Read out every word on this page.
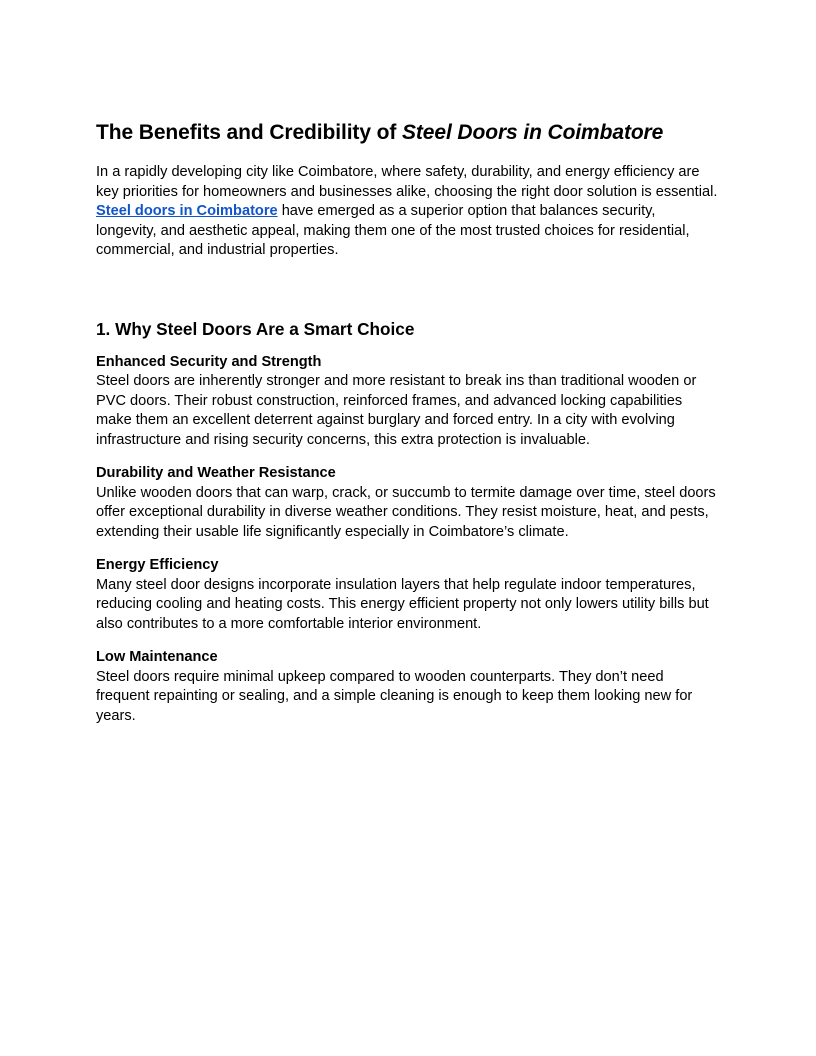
The Benefits and Credibility of Steel Doors in Coimbatore

In a rapidly developing city like Coimbatore, where safety, durability, and energy efficiency are key priorities for homeowners and businesses alike, choosing the right door solution is essential. Steel doors in Coimbatore have emerged as a superior option that balances security, longevity, and aesthetic appeal, making them one of the most trusted choices for residential, commercial, and industrial properties.

1. Why Steel Doors Are a Smart Choice

Enhanced Security and Strength

Steel doors are inherently stronger and more resistant to break ins than traditional wooden or PVC doors. Their robust construction, reinforced frames, and advanced locking capabilities make them an excellent deterrent against burglary and forced entry. In a city with evolving infrastructure and rising security concerns, this extra protection is invaluable.

Durability and Weather Resistance

Unlike wooden doors that can warp, crack, or succumb to termite damage over time, steel doors offer exceptional durability in diverse weather conditions. They resist moisture, heat, and pests, extending their usable life significantly especially in Coimbatore’s climate.

Energy Efficiency

Many steel door designs incorporate insulation layers that help regulate indoor temperatures, reducing cooling and heating costs. This energy efficient property not only lowers utility bills but also contributes to a more comfortable interior environment.

Low Maintenance

Steel doors require minimal upkeep compared to wooden counterparts. They don’t need frequent repainting or sealing, and a simple cleaning is enough to keep them looking new for years.
